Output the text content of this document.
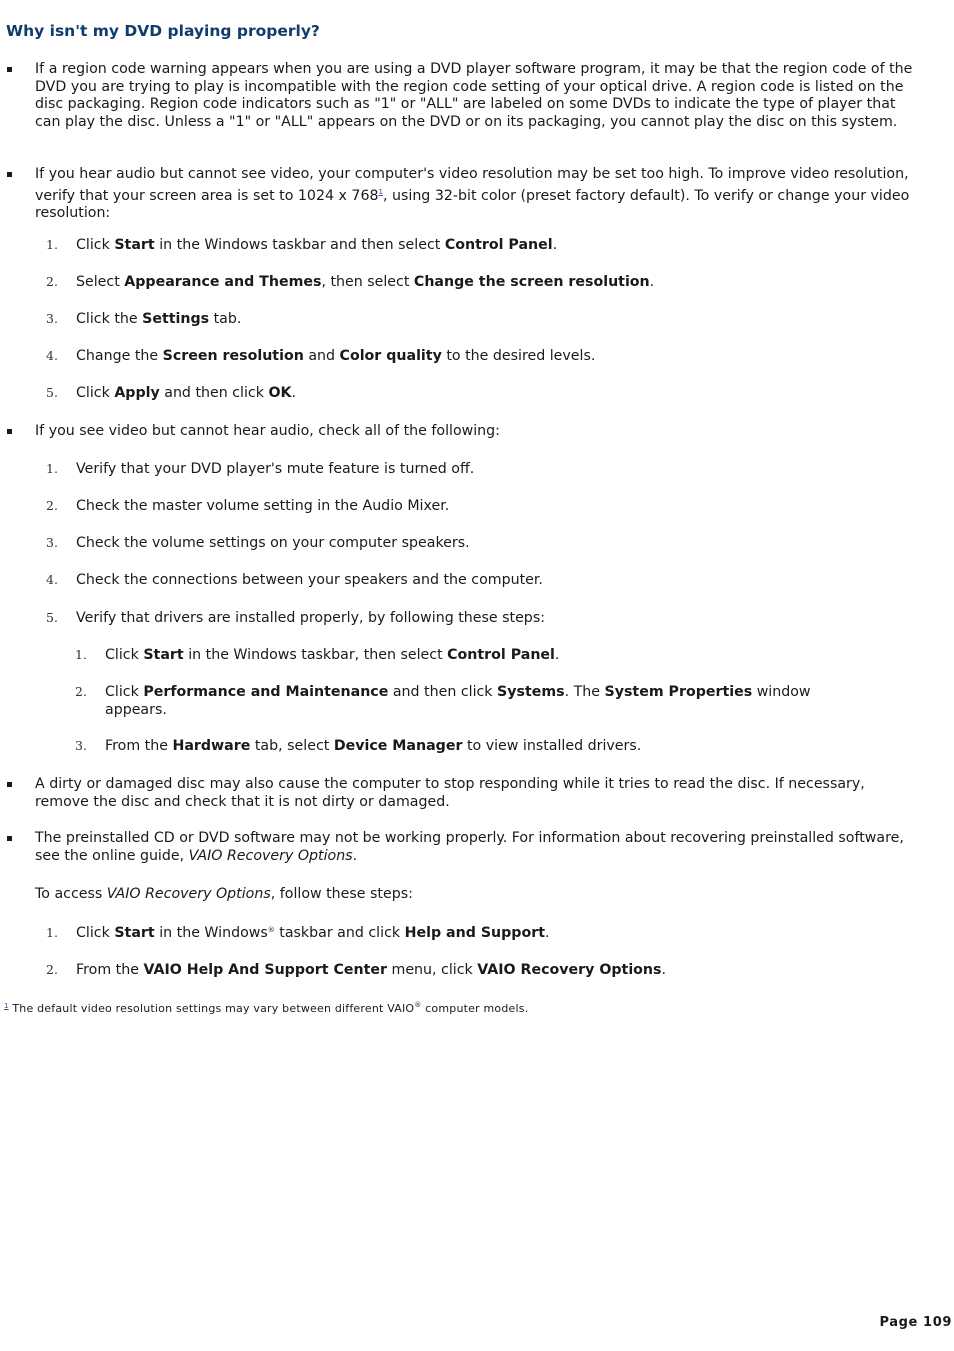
Why isn't my DVD playing properly?

If a region code warning appears when you are using a DVD player software program, it may be that the region code of the DVD you are trying to play is incompatible with the region code setting of your optical drive. A region code is listed on the disc packaging. Region code indicators such as "1" or "ALL" are labeled on some DVDs to indicate the type of player that can play the disc. Unless a "1" or "ALL" appears on the DVD or on its packaging, you cannot play the disc on this system.

If you hear audio but cannot see video, your computer's video resolution may be set too high. To improve video resolution, verify that your screen area is set to 1024 x 768$^1$, using 32-bit color (preset factory default). To verify or change your video resolution:

1. Click Start in the Windows taskbar and then select Control Panel.

2. Select Appearance and Themes, then select Change the screen resolution.

3. Click the Settings tab.

4. Change the Screen resolution and Color quality to the desired levels.

5. Click Apply and then click OK.

If you see video but cannot hear audio, check all of the following:

1. Verify that your DVD player's mute feature is turned off.

2. Check the master volume setting in the Audio Mixer.

3. Check the volume settings on your computer speakers.

4. Check the connections between your speakers and the computer.

5. Verify that drivers are installed properly, by following these steps:

1. Click Start in the Windows taskbar, then select Control Panel.

2. Click Performance and Maintenance and then click Systems. The System Properties window

appears.

3. From the Hardware tab, select Device Manager to view installed drivers.

A dirty or damaged disc may also cause the computer to stop responding while it tries to read the disc. If necessary, remove the disc and check that it is not dirty or damaged.

The preinstalled CD or DVD software may not be working properly. For information about recovering preinstalled software, see the online guide, VAIO Recovery Options.

To access VAIO Recovery Options, follow these steps:

1. Click Start in the Windows® taskbar and click Help and Support.

2. From the VAIO Help And Support Center menu, click VAIO Recovery Options.

$^1$ The default video resolution settings may vary between different VAIO® computer models.

Page 109
